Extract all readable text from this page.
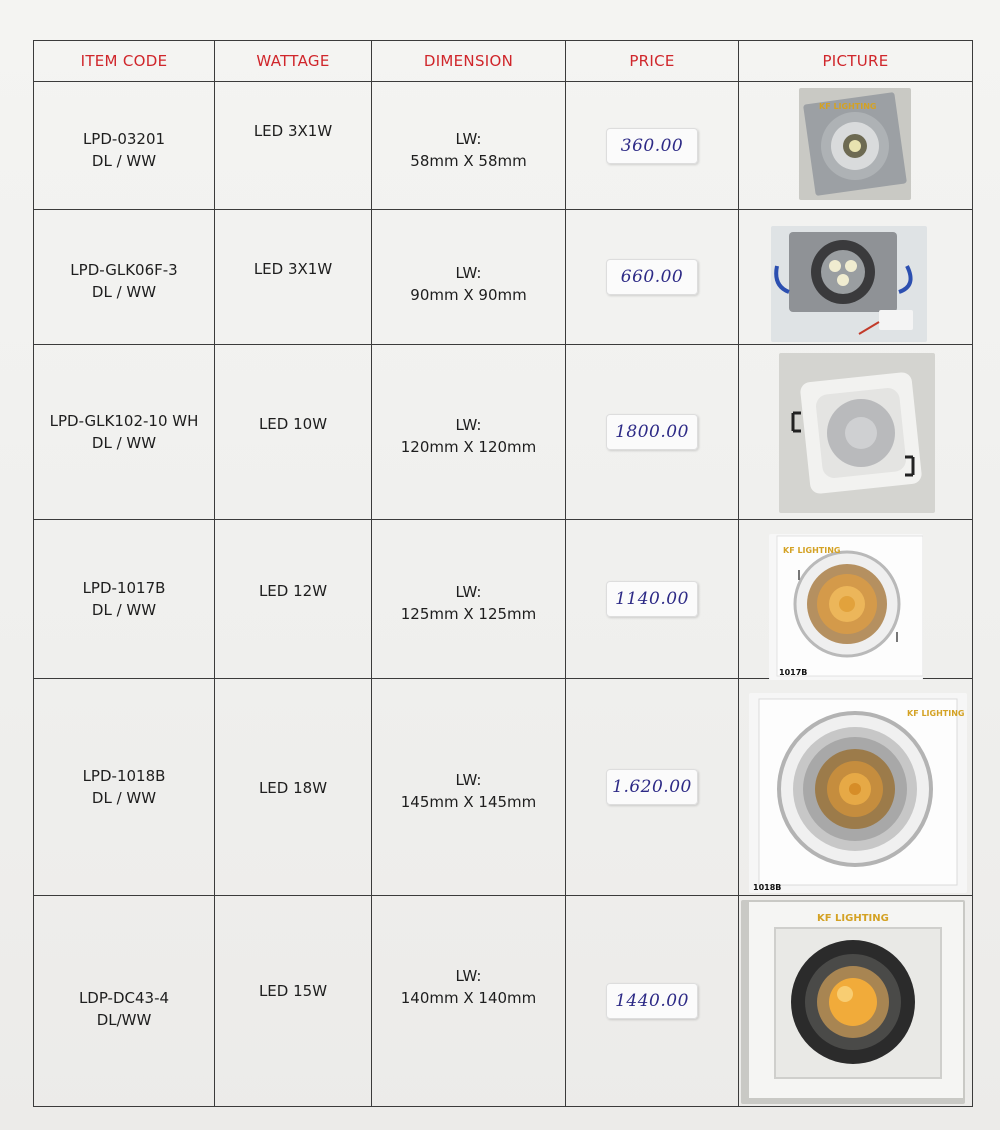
ITEM CODE	WATTAGE	DIMENSION	PRICE	PICTURE

LPD-03201
DL / WW	LED 3X1W	LW:
58mm X 58mm	360.00	KF LIGHTING

LPD-GLK06F-3
DL / WW	LED 3X1W	LW:
90mm X 90mm	660.00	

LPD-GLK102-10 WH
DL / WW	LED 10W	LW:
120mm X 120mm	1800.00	

LPD-1017B
DL / WW	LED 12W	LW:
125mm X 125mm	1140.00	KF LIGHTING
1017B

LPD-1018B
DL / WW	LED 18W	LW:
145mm X 145mm	1.620.00	KF LIGHTING
1018B

LDP-DC43-4
DL/WW	LED 15W	LW:
140mm X 140mm	1440.00	KF LIGHTING
